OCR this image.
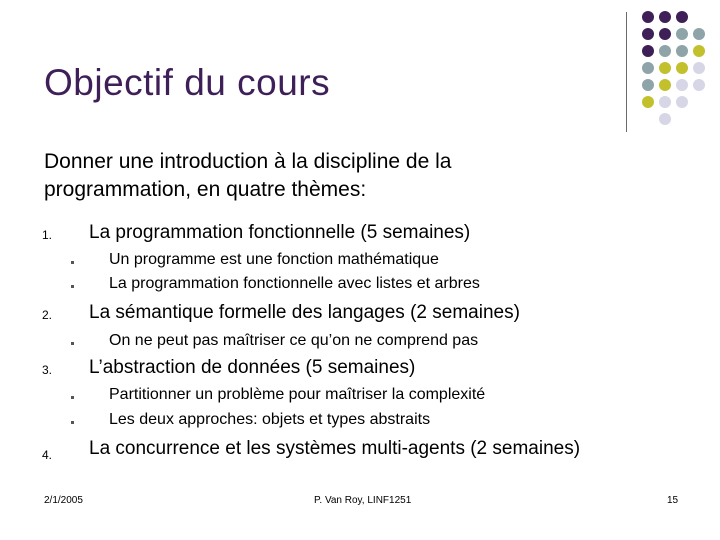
Objectif du cours
Donner une introduction à la discipline de la programmation, en quatre thèmes:
1. La programmation fonctionnelle (5 semaines)
Un programme est une fonction mathématique
La programmation fonctionnelle avec listes et arbres
2. La sémantique formelle des langages (2 semaines)
On ne peut pas maîtriser ce qu’on ne comprend pas
3. L’abstraction de données (5 semaines)
Partitionner un problème pour maîtriser la complexité
Les deux approches: objets et types abstraits
4. La concurrence et les systèmes multi-agents (2 semaines)
2/1/2005	P. Van Roy, LINF1251	15
